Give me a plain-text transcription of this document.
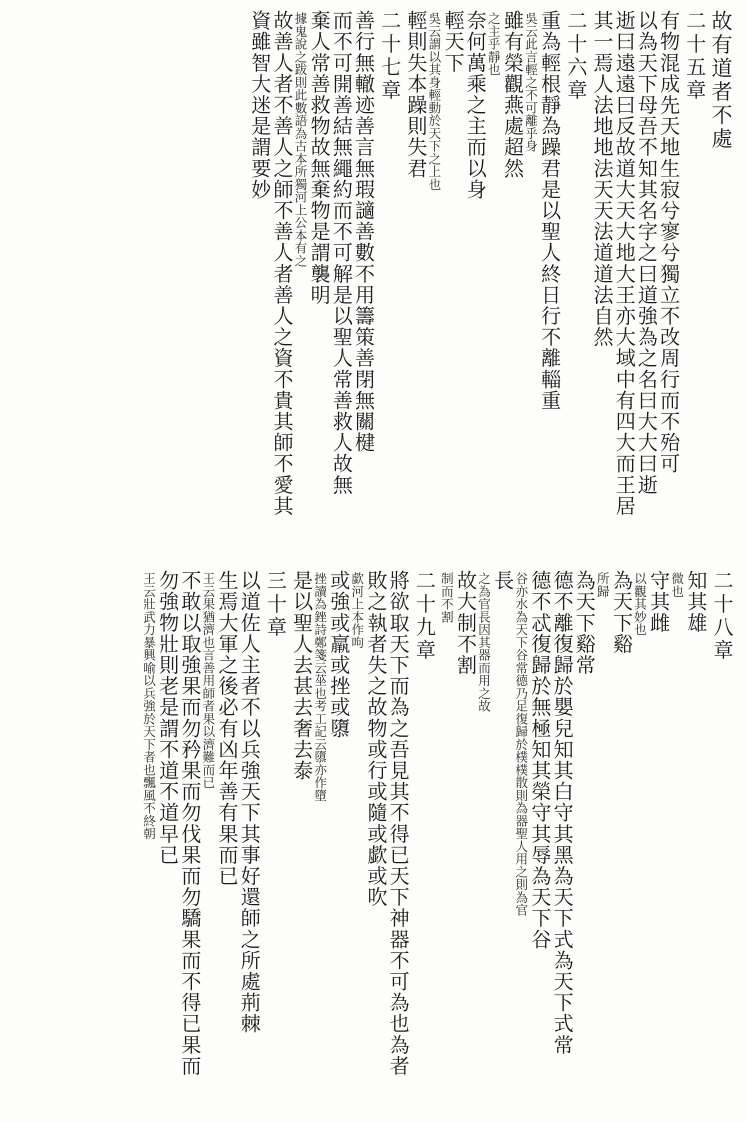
故有道者不處
二十五章
有物混成先天地生寂兮寥兮獨立不改周行而不殆可
以為天下母吾不知其名字之曰道強為之名曰大大曰逝
逝曰遠遠曰反故道大天大地大王亦大域中有四大而王居
其一焉人法地地法天天法道道法自然
二十六章
重為輕根靜為躁君是以聖人終日行不離輜重
吳云此言輕之不可離乎身
雖有榮觀燕處超然
之主乎靜也
奈何萬乘之主而以身
輕天下
吳云謂以其身輕動於天下之上也
輕則失本躁則失君
二十七章
善行無轍迹善言無瑕讁善數不用籌策善閉無關楗
而不可開善結無繩約而不可解是以聖人常善救人故無
棄人常善救物故無棄物是謂襲明
據鬼說之跋則此數語為古本所獨河上公本有之
故善人者不善人之師不善人者善人之資不貴其師不愛其
資雖智大迷是謂要妙
二十八章
知其雄
微也
守其雌
以觀其妙也
為天下谿
所歸
為天下谿常
德不離復歸於嬰兒知其白守其黑為天下式為天下式常
德不忒復歸於無極知其榮守其辱為天下谷
谷亦水為天下谷常德乃足復歸於樸樸散則為器聖人用之則為官
長
之為官長因其器而用之故
故大制不割
制而不割
二十九章
將欲取天下而為之吾見其不得已天下神器不可為也為者
敗之執者失之故物或行或隨或歔或吹
歔河上本作呴
或強或羸或挫或隳
挫讀為銼詩鄭箋云莝也考工記云隳亦作墮
是以聖人去甚去奢去泰
三十章
以道佐人主者不以兵強天下其事好還師之所處荊棘
生焉大軍之後必有凶年善有果而已
王云果猶濟也言善用師者果以濟難而已
不敢以取強果而勿矜果而勿伐果而勿驕果而不得已果而
勿強物壯則老是謂不道不道早已
王云壯武力暴興喻以兵強於天下者也飄風不終朝
